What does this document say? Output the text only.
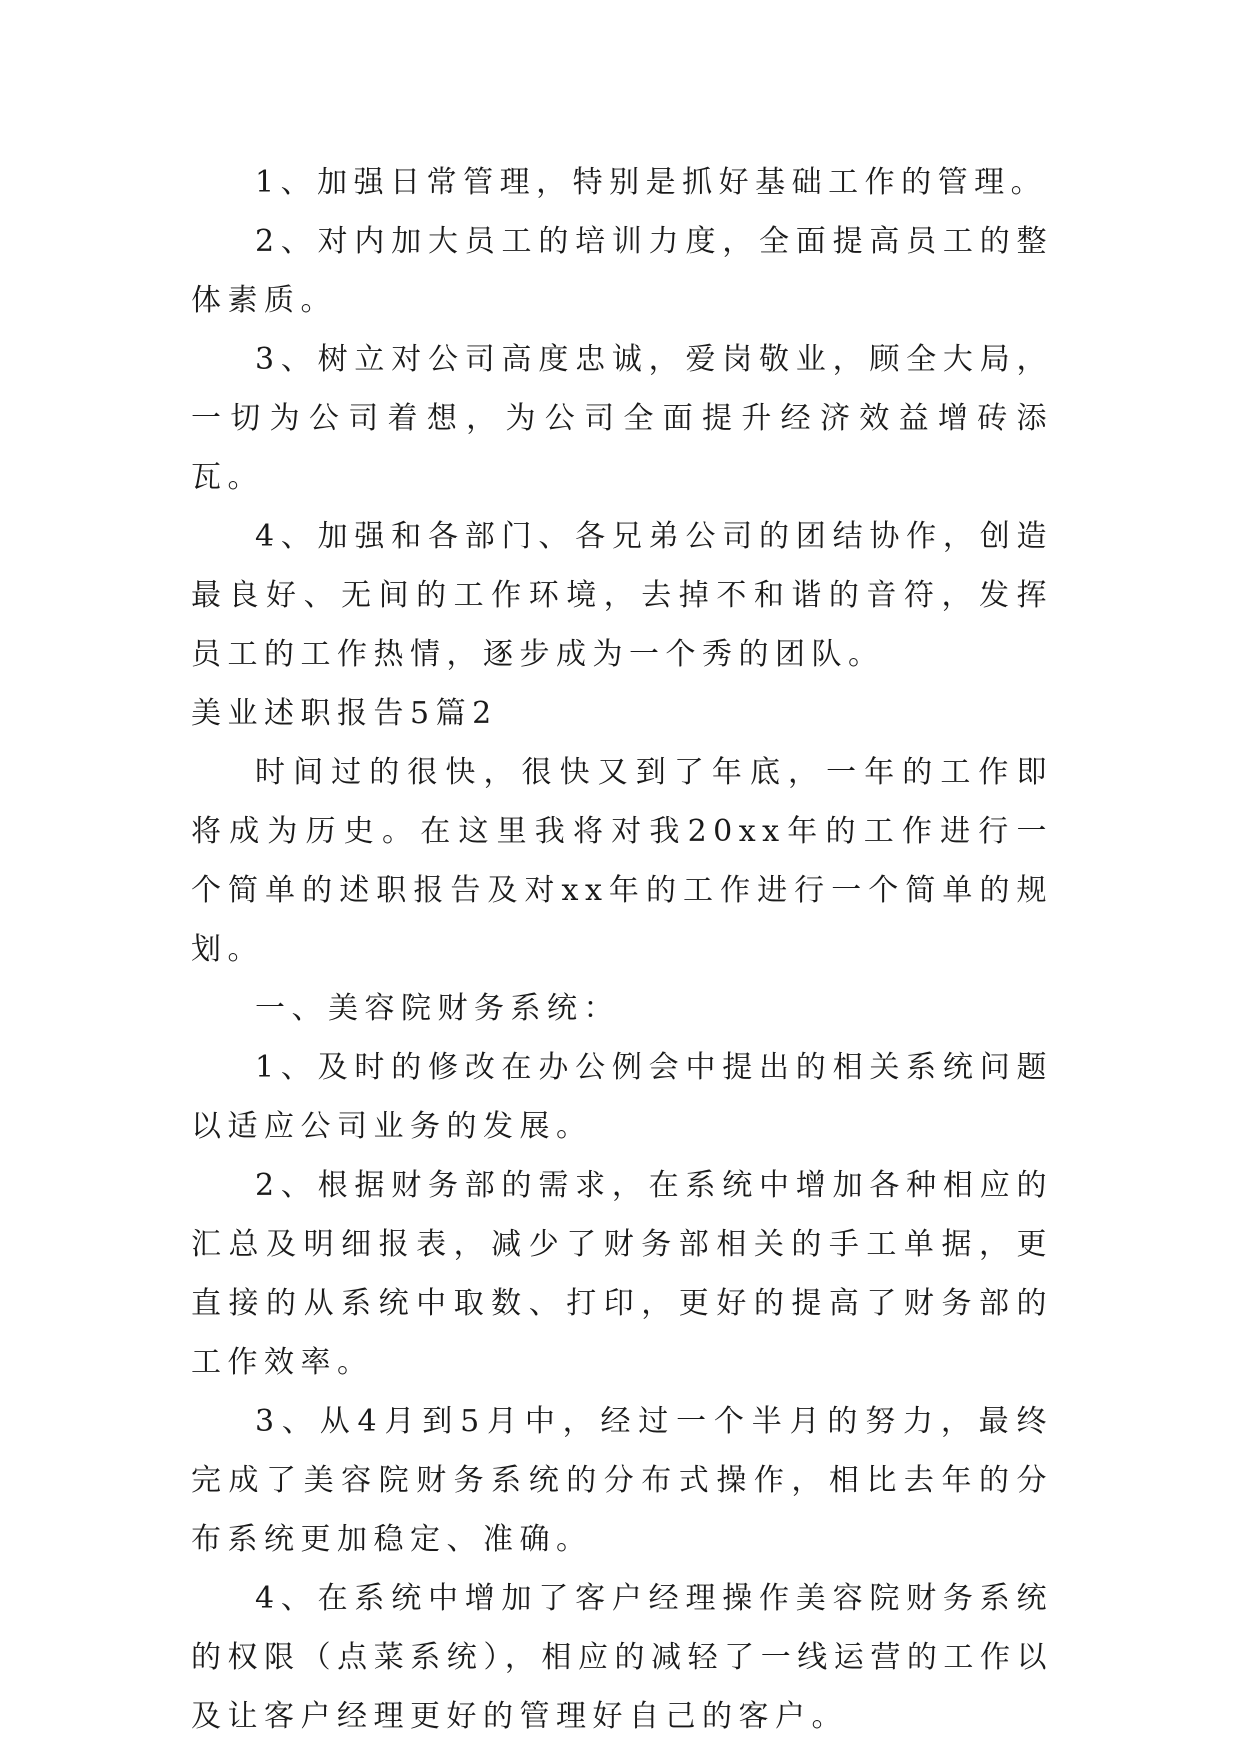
1、加强日常管理，特别是抓好基础工作的管理。

2、对内加大员工的培训力度，全面提高员工的整体素质。

3、树立对公司高度忠诚，爱岗敬业，顾全大局，一切为公司着想，为公司全面提升经济效益增砖添瓦。

4、加强和各部门、各兄弟公司的团结协作，创造最良好、无间的工作环境，去掉不和谐的音符，发挥员工的工作热情，逐步成为一个秀的团队。

美业述职报告5篇2

时间过的很快，很快又到了年底，一年的工作即将成为历史。在这里我将对我20xx年的工作进行一个简单的述职报告及对xx年的工作进行一个简单的规划。

一、美容院财务系统：

1、及时的修改在办公例会中提出的相关系统问题以适应公司业务的发展。

2、根据财务部的需求，在系统中增加各种相应的汇总及明细报表，减少了财务部相关的手工单据，更直接的从系统中取数、打印，更好的提高了财务部的工作效率。

3、从4月到5月中，经过一个半月的努力，最终完成了美容院财务系统的分布式操作，相比去年的分布系统更加稳定、准确。

4、在系统中增加了客户经理操作美容院财务系统的权限（点菜系统），相应的减轻了一线运营的工作以及让客户经理更好的管理好自己的客户。
